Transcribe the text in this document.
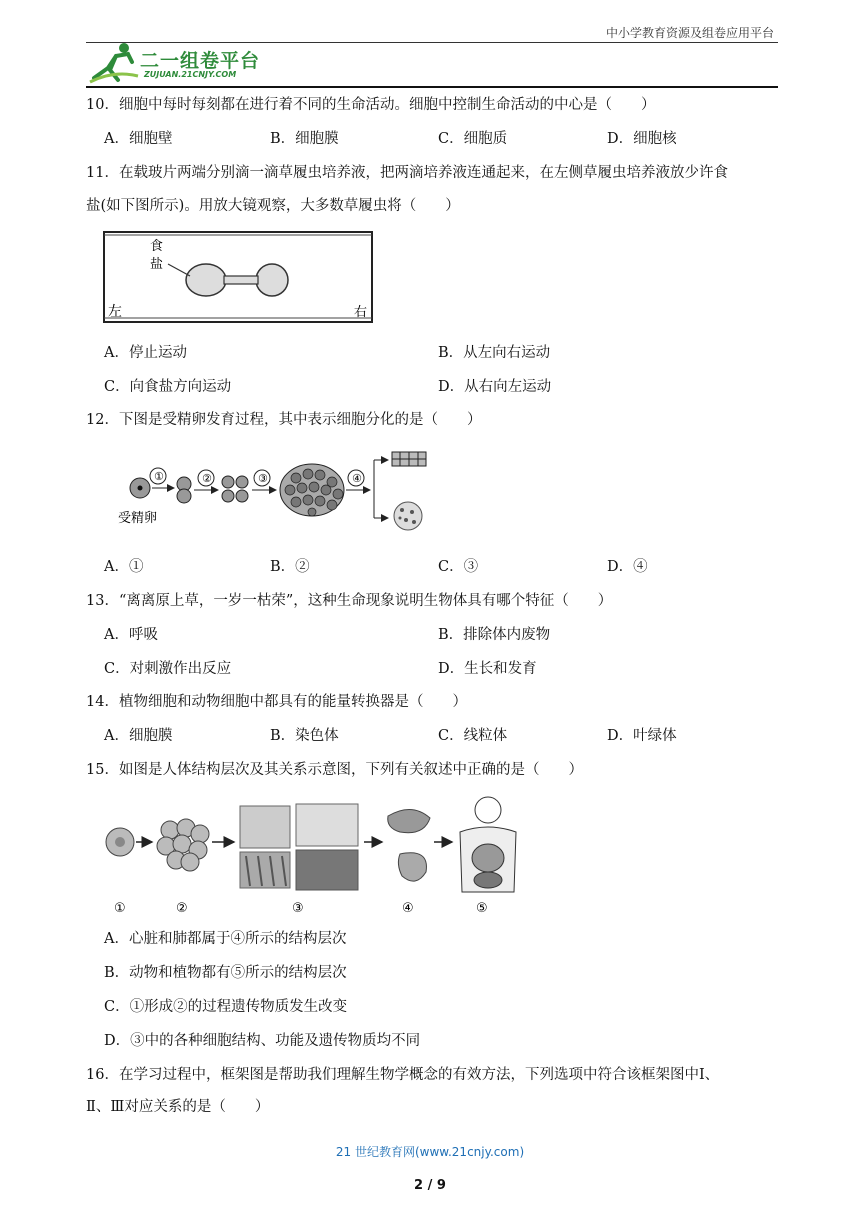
中小学教育资源及组卷应用平台
二一组卷平台
ZUJUAN.21CNJY.COM
10．细胞中每时每刻都在进行着不同的生命活动。细胞中控制生命活动的中心是（　　）
A．细胞壁	B．细胞膜	C．细胞质	D．细胞核
11．在载玻片两端分别滴一滴草履虫培养液，把两滴培养液连通起来，在左侧草履虫培养液放少许食
盐(如下图所示)。用放大镜观察，大多数草履虫将（　　）
食
盐
左	右
A．停止运动	B．从左向右运动
C．向食盐方向运动	D．从右向左运动
12．下图是受精卵发育过程，其中表示细胞分化的是（　　）
①	②	③	④
受精卵
A．①	B．②	C．③	D．④
13．“离离原上草，一岁一枯荣”，这种生命现象说明生物体具有哪个特征（　　）
A．呼吸	B．排除体内废物
C．对刺激作出反应	D．生长和发育
14．植物细胞和动物细胞中都具有的能量转换器是（　　）
A．细胞膜	B．染色体	C．线粒体	D．叶绿体
15．如图是人体结构层次及其关系示意图，下列有关叙述中正确的是（　　）
①	②	③	④	⑤
A．心脏和肺都属于④所示的结构层次
B．动物和植物都有⑤所示的结构层次
C．①形成②的过程遗传物质发生改变
D．③中的各种细胞结构、功能及遗传物质均不同
16．在学习过程中，框架图是帮助我们理解生物学概念的有效方法，下列选项中符合该框架图中Ⅰ、
Ⅱ、Ⅲ对应关系的是（　　）
21 世纪教育网(www.21cnjy.com)
2 / 9
